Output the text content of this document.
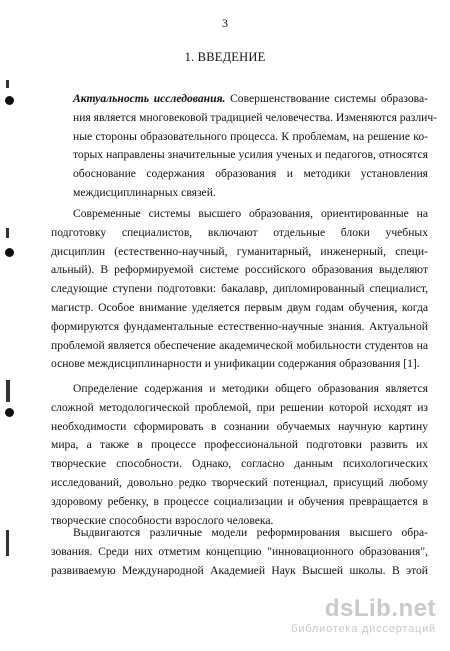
3
1. ВВЕДЕНИЕ
Актуальность исследования. Совершенствование системы образова-
ния является многовековой традицией человечества. Изменяются различ-
ные стороны образовательного процесса. К проблемам, на решение ко-
торых направлены значительные усилия ученых и педагогов, относятся
обоснование содержания образования и методики установления
междисциплинарных связей.
Современные системы высшего образования, ориентированные на
подготовку специалистов, включают отдельные блоки учебных
дисциплин (естественно-научный, гуманитарный, инженерный, специ-
альный). В реформируемой системе российского образования выделяют
следующие ступени подготовки: бакалавр, дипломированный специалист,
магистр. Особое внимание уделяется первым двум годам обучения, когда
формируются фундаментальные естественно-научные знания. Актуальной
проблемой является обеспечение академической мобильности студентов на
основе междисциплинарности и унификации содержания образования [1].
Определение содержания и методики общего образования является
сложной методологической проблемой, при решении которой исходят из
необходимости сформировать в сознании обучаемых научную картину
мира, а также в процессе профессиональной подготовки развить их
творческие способности. Однако, согласно данным психологических
исследований, довольно редко творческий потенциал, присущий любому
здоровому ребенку, в процессе социализации и обучения превращается в
творческие способности взрослого человека.
Выдвигаются различные модели реформирования высшего обра-
зования. Среди них отметим концепцию "инновационного образования",
развиваемую Международной Академией Наук Высшей школы. В этой
dsLib.net
библиотека диссертаций
